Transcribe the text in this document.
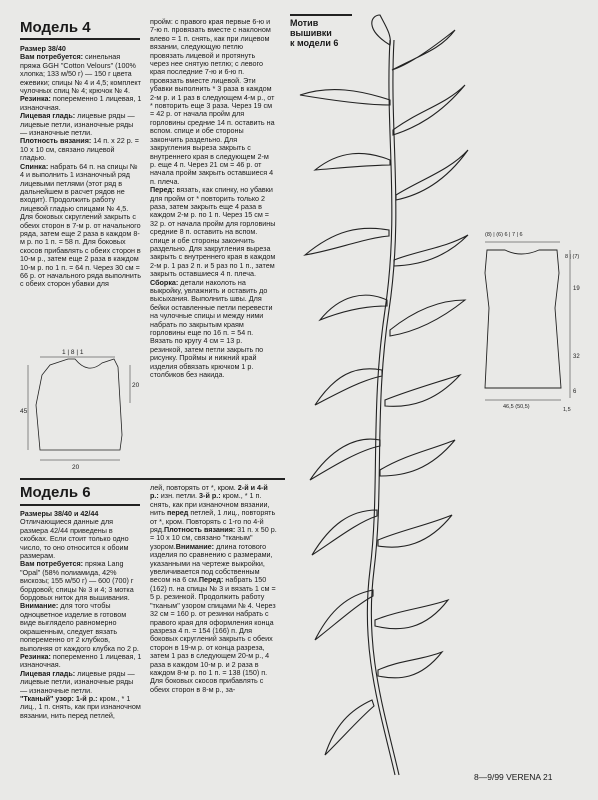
Модель 4
Размер 38/40
Вам потребуется: синельная пряжа GGH "Cotton Velours" (100% хлопка; 133 м/50 г) — 150 г цвета ежевики; спицы № 4 и 4,5; комплект чулочных спиц № 4; крючок № 4.
Резинка: попеременно 1 лицевая, 1 изнаночная.
Лицевая гладь: лицевые ряды — лицевые петли, изнаночные ряды — изнаночные петли.
Плотность вязания: 14 п. х 22 р. = 10 х 10 см, связано лицевой гладью.
Спинка: набрать 64 п. на спицы № 4 и выполнить 1 изнаночный ряд лицевыми петлями (этот ряд в дальнейшем в расчет рядов не входит). Продолжить работу лицевой гладью спицами № 4,5. Для боковых скруглений закрыть с обеих сторон в 7-м р. от начального ряда, затем еще 2 раза в каждом 8-м р. по 1 п. = 58 п. Для боковых скосов прибавлять с обеих сторон в 10-м р., затем еще 2 раза в каждом 10-м р. по 1 п. = 64 п. Через 30 см = 66 р. от начального ряда выполнить с обеих сторон убавки для
пройм: с правого края первые 6-ю и 7-ю п. провязать вместе с наклоном влево = 1 п. снять, как при лицевом вязании, следующую петлю провязать лицевой и протянуть через нее снятую петлю; с левого края последние 7-ю и 6-ю п. провязать вместе лицевой. Эти убавки выполнить * 3 раза в каждом 2-м р. и 1 раз в следующем 4-м р., от * повторить еще 3 раза. Через 19 см = 42 р. от начала пройм для горловины средние 14 п. оставить на вспом. спице и обе стороны закончить раздельно. Для закругления выреза закрыть с внутреннего края в следующем 2-м р. еще 4 п. Через 21 см = 46 р. от начала пройм закрыть оставшиеся 4 п. плеча.
Перед: вязать, как спинку, но убавки для пройм от * повторить только 2 раза, затем закрыть еще 4 раза в каждом 2-м р. по 1 п. Через 15 см = 32 р. от начала пройм для горловины средние 8 п. оставить на вспом. спице и обе стороны закончить раздельно. Для закругления выреза закрыть с внутреннего края в каждом 2-м р. 1 раз 2 п. и 5 раз по 1 п., затем закрыть оставшиеся 4 п. плеча.
Сборка: детали наколоть на выкройку, увлажнить и оставить до высыхания. Выполнить швы. Для бейки оставленные петли перевести на чулочные спицы и между ними набрать по закрытым краям горловины еще по 16 п. = 54 п. Вязать по кругу 4 см = 13 р. резинкой, затем петли закрыть по рисунку. Проймы и нижний край изделия обвязать крючком 1 р. столбиков без накида.
1 | 8 | 1
45
20
20
Мотив
вышивки
к модели 6
(8) | (6) 6 | 7 | 6
8 | (7)
19
32
6
46,5 (50,5)	1,5
Модель 6
Размеры 38/40 и 42/44
Отличающиеся данные для размера 42/44 приведены в скобках. Если стоит только одно число, то оно относится к обоим размерам.
Вам потребуется: пряжа Lang "Opal" (58% полиамида, 42% вискозы; 155 м/50 г) — 600 (700) г бордовой; спицы № 3 и 4; 3 мотка бордовых ниток для вышивания.
Внимание: для того чтобы одноцветное изделие в готовом виде выглядело равномерно окрашенным, следует вязать попеременно от 2 клубков, выполняя от каждого клубка по 2 р.
Резинка: попеременно 1 лицевая, 1 изнаночная.
Лицевая гладь: лицевые ряды — лицевые петли, изнаночные ряды — изнаночные петли.
"Тканый" узор: 1-й р.: кром., * 1 лиц., 1 п. снять, как при изнаночном вязании, нить перед петлей,
лей, повторять от *, кром. 2-й и 4-й р.: изн. петли. 3-й р.: кром., * 1 п. снять, как при изнаночном вязании, нить перед петлей, 1 лиц., повторять от *, кром. Повторять с 1-го по 4-й ряд.Плотность вязания: 31 п. х 50 р. = 10 х 10 см, связано "тканым" узором.Внимание: длина готового изделия по сравнению с размерами, указанными на чертеже выкройки, увеличивается под собственным весом на 6 см.Перед: набрать 150 (162) п. на спицы № 3 и вязать 1 см = 5 р. резинкой. Продолжить работу "тканым" узором спицами № 4. Через 32 см = 160 р. от резинки набрать с правого края для оформления конца разреза 4 п. = 154 (166) п. Для боковых скруглений закрыть с обеих сторон в 19-м р. от конца разреза, затем 1 раз в следующем 20-м р., 4 раза в каждом 10-м р. и 2 раза в каждом 8-м р. по 1 п. = 138 (150) п. Для боковых скосов прибавлять с обеих сторон в 8-м р., за-
8—9/99 VERENA 21
